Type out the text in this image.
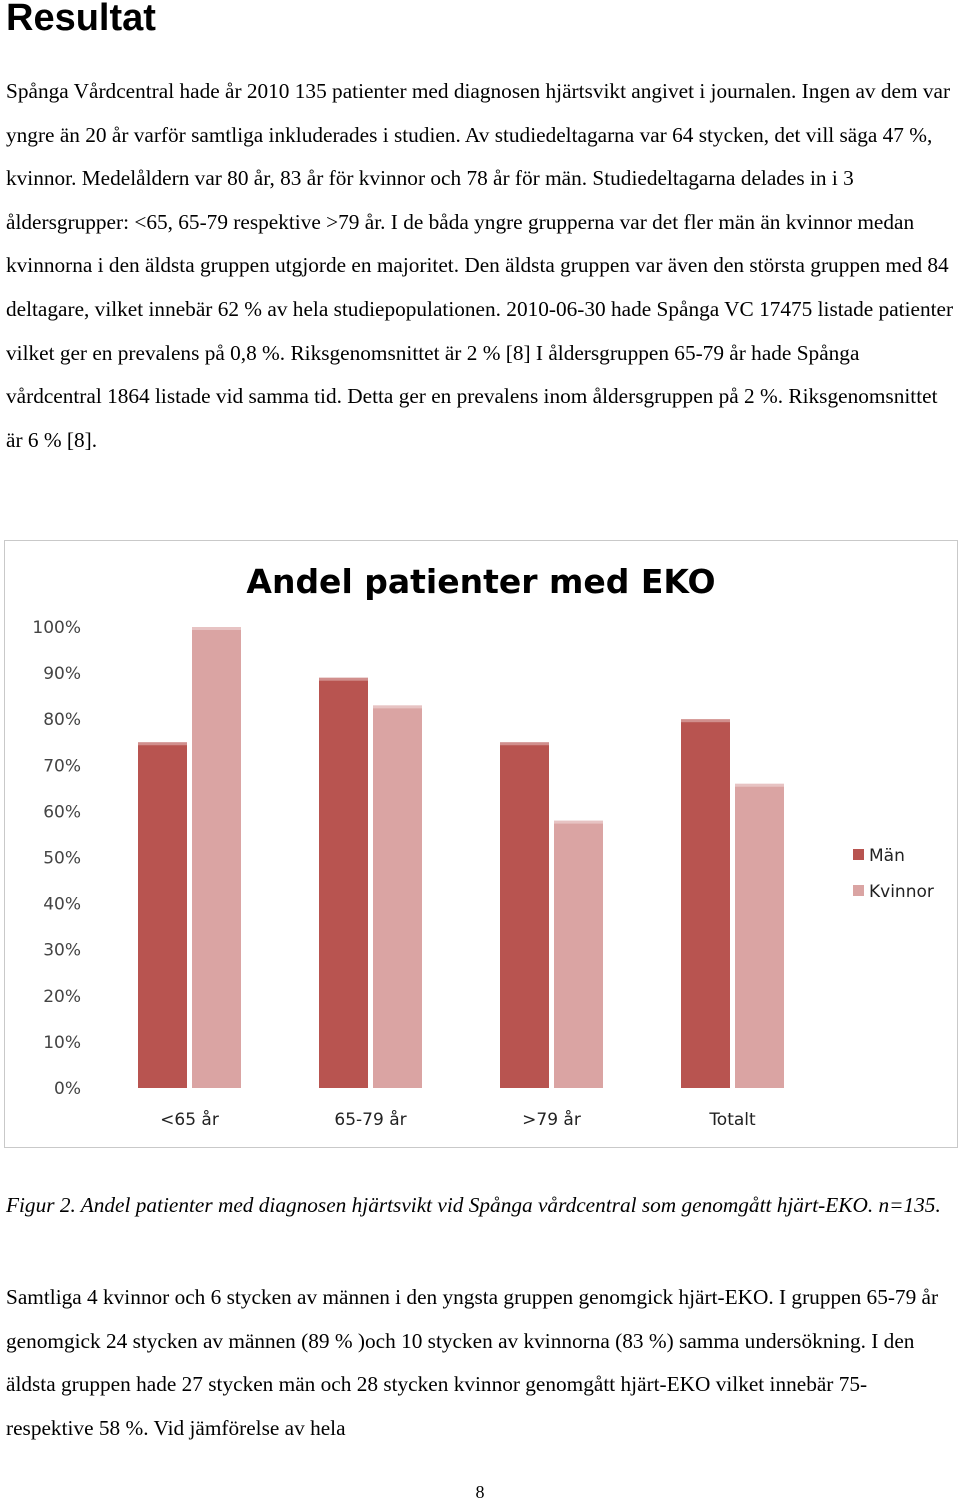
Resultat

Spånga Vårdcentral hade år 2010 135 patienter med diagnosen hjärtsvikt angivet i journalen. Ingen av dem var yngre än 20 år varför samtliga inkluderades i studien. Av studiedeltagarna var 64 stycken, det vill säga 47 %, kvinnor. Medelåldern var 80 år, 83 år för kvinnor och 78 år för män. Studiedeltagarna delades in i 3 åldersgrupper: <65, 65-79 respektive >79 år. I de båda yngre grupperna var det fler män än kvinnor medan kvinnorna i den äldsta gruppen utgjorde en majoritet. Den äldsta gruppen var även den största gruppen med 84 deltagare, vilket innebär 62 % av hela studiepopulationen. 2010-06-30 hade Spånga VC 17475 listade patienter vilket ger en prevalens på 0,8 %. Riksgenomsnittet är 2 % [8] I åldersgruppen 65-79 år hade Spånga vårdcentral 1864 listade vid samma tid. Detta ger en prevalens inom åldersgruppen på 2 %. Riksgenomsnittet är 6 % [8].

Andel patienter med EKO
0%
10%
20%
30%
40%
50%
60%
70%
80%
90%
100%
<65 år	65-79 år	>79 år	Totalt
Män
Kvinnor

Figur 2. Andel patienter med diagnosen hjärtsvikt vid Spånga vårdcentral som genomgått hjärt-EKO. n=135.

Samtliga 4 kvinnor och 6 stycken av männen i den yngsta gruppen genomgick hjärt-EKO. I gruppen 65-79 år genomgick 24 stycken av männen (89 % )och 10 stycken av kvinnorna (83 %) samma undersökning. I den äldsta gruppen hade 27 stycken män och 28 stycken kvinnor genomgått hjärt-EKO vilket innebär 75- respektive 58 %. Vid jämförelse av hela

8
